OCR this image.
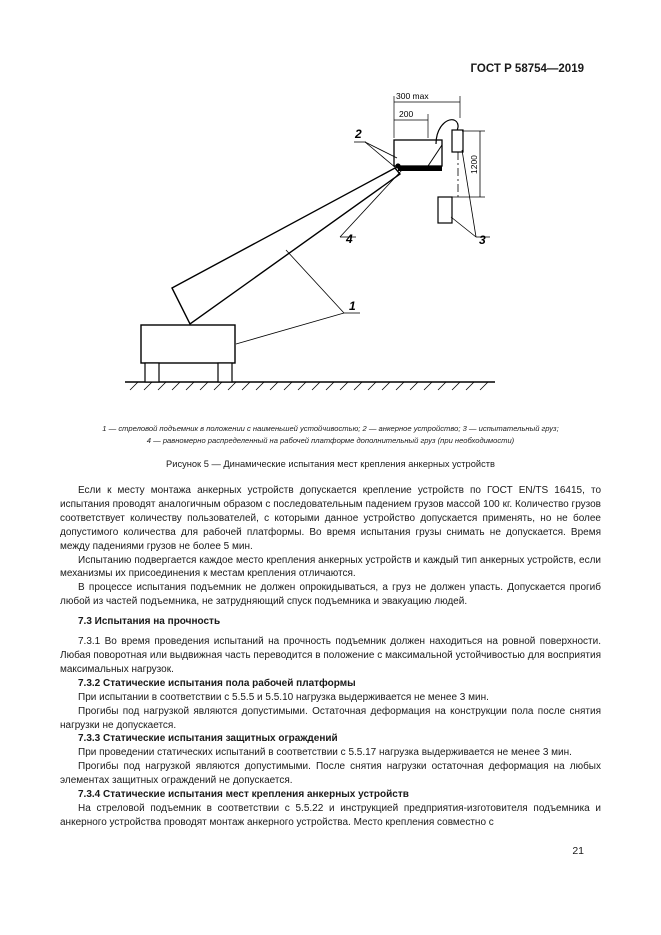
ГОСТ Р 58754—2019
300 max
200
1200
2
3
4
1
1 — стреловой подъемник в положении с наименьшей устойчивостью; 2 — анкерное устройство; 3 — испытательный груз;
4 — равномерно распределенный на рабочей платформе дополнительный груз (при необходимости)
Рисунок 5 — Динамические испытания мест крепления анкерных устройств

Если к месту монтажа анкерных устройств допускается крепление устройств по ГОСТ EN/TS 16415, то испытания проводят аналогичным образом с последовательным падением грузов массой 100 кг. Количество грузов соответствует количеству пользователей, с которыми данное устройство допускается применять, но не более допустимого количества для рабочей платформы. Во время испытания грузы снимать не допускается. Время между падениями грузов не более 5 мин.

Испытанию подвергается каждое место крепления анкерных устройств и каждый тип анкерных устройств, если механизмы их присоединения к местам крепления отличаются.

В процессе испытания подъемник не должен опрокидываться, а груз не должен упасть. Допускается прогиб любой из частей подъемника, не затрудняющий спуск подъемника и эвакуацию людей.

7.3 Испытания на прочность

7.3.1 Во время проведения испытаний на прочность подъемник должен находиться на ровной поверхности. Любая поворотная или выдвижная часть переводится в положение с максимальной устойчивостью для восприятия максимальных нагрузок.

7.3.2 Статические испытания пола рабочей платформы

При испытании в соответствии с 5.5.5 и 5.5.10 нагрузка выдерживается не менее 3 мин.

Прогибы под нагрузкой являются допустимыми. Остаточная деформация на конструкции пола после снятия нагрузки не допускается.

7.3.3 Статические испытания защитных ограждений

При проведении статических испытаний в соответствии с 5.5.17 нагрузка выдерживается не менее 3 мин.

Прогибы под нагрузкой являются допустимыми. После снятия нагрузки остаточная деформация на любых элементах защитных ограждений не допускается.

7.3.4 Статические испытания мест крепления анкерных устройств

На стреловой подъемник в соответствии с 5.5.22 и инструкцией предприятия-изготовителя подъемника и анкерного устройства проводят монтаж анкерного устройства. Место крепления совместно с

21
